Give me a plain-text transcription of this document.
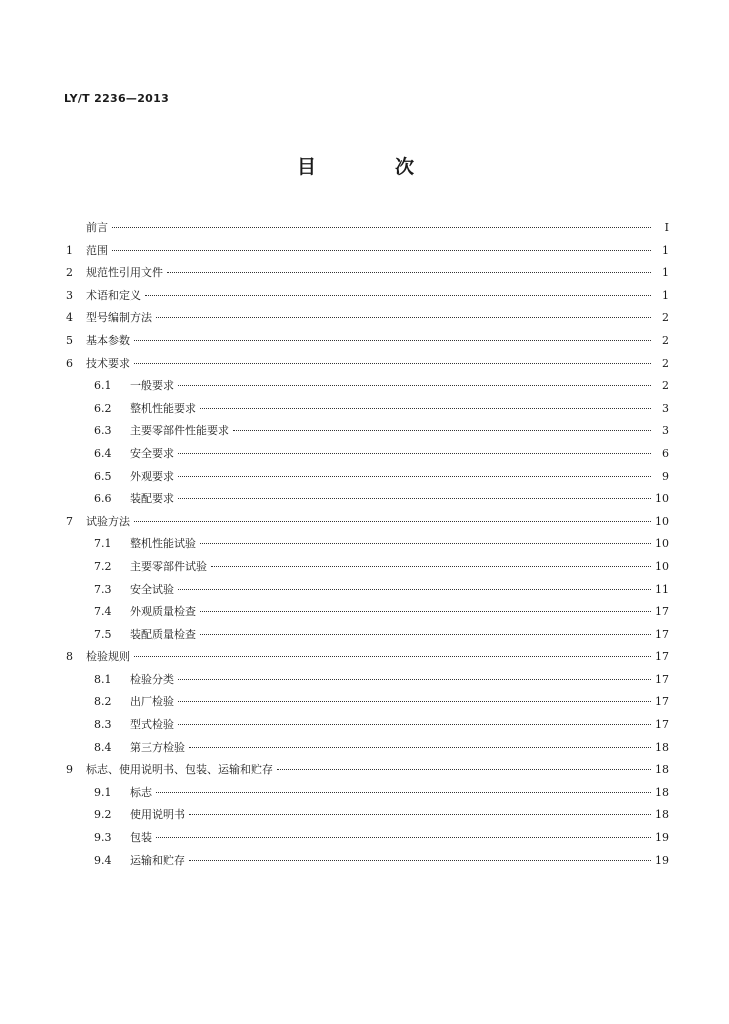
LY/T 2236—2013

目　次
前言	Ⅰ
1	范围	1
2	规范性引用文件	1
3	术语和定义	1
4	型号编制方法	2
5	基本参数	2
6	技术要求	2
6.1	一般要求	2
6.2	整机性能要求	3
6.3	主要零部件性能要求	3
6.4	安全要求	6
6.5	外观要求	9
6.6	装配要求	10
7	试验方法	10
7.1	整机性能试验	10
7.2	主要零部件试验	10
7.3	安全试验	11
7.4	外观质量检查	17
7.5	装配质量检查	17
8	检验规则	17
8.1	检验分类	17
8.2	出厂检验	17
8.3	型式检验	17
8.4	第三方检验	18
9	标志、使用说明书、包装、运输和贮存	18
9.1	标志	18
9.2	使用说明书	18
9.3	包装	19
9.4	运输和贮存	19
